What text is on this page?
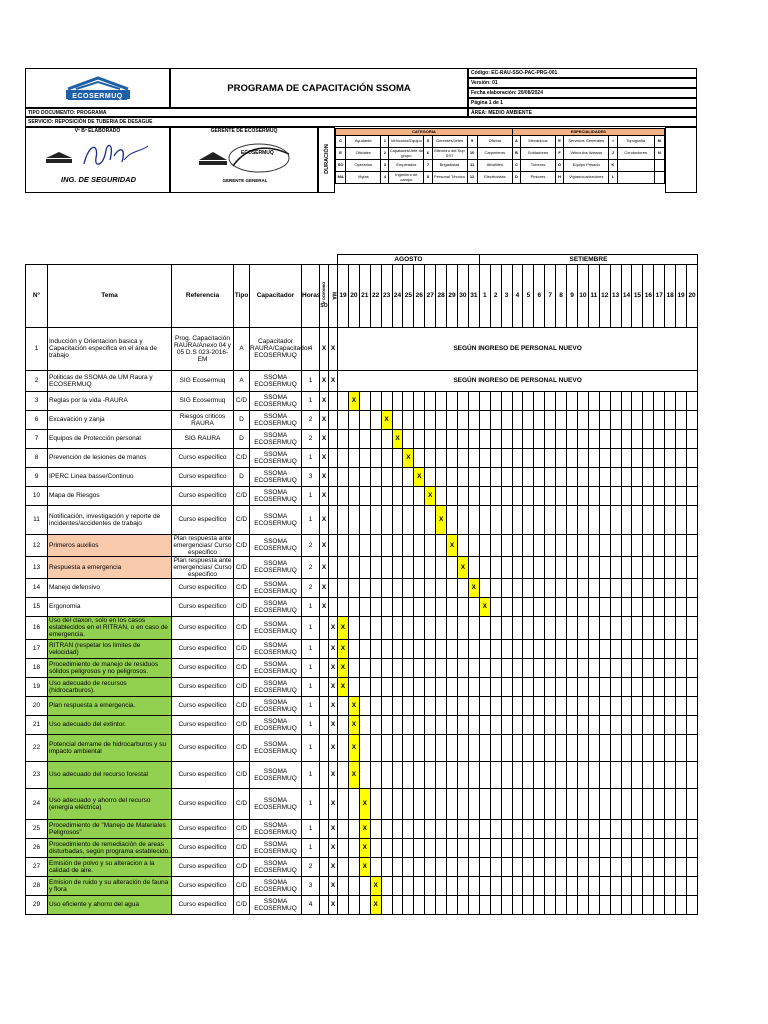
ECOSERMUQ
PROGRAMA DE CAPACITACIÓN SSOMA
Código: EC-RAU-SSO-PAC-PRG-001
Versión: 01
Fecha elaboración: 20/08/2024
Página 1 de 1
TIPO DOCUMENTO: PROGRAMA	ÁREA: MEDIO AMBIENTE
SERVICIO: REPOSICIÓN DE TUBERIA DE DESAGUE
Vº Bº ELABORADO
ING. DE SEGURIDAD
GERENTE DE ECOSERMUQ
ECOSERMUQ
GERENTE GENERAL
DURACIÓN
CATEGORIA								ESPECIALIDADES						
C	Ayudante	1	Vehículos/Equipo	5	Gerentes/Jefes	9	Oficina	A	Mecánicos	E	Servicios Generales	I	Topografía	M
E	Oficiales	2	Capataces/Jefe de grupo	6	Miembro del Sup SST	10	Carpinteros	B	Soldadores	F	Vehículos livianos	J	Conductores	N
SO	Operarios	3	Empleados	7	Brigadistas	11	Albañiles	C	Tuberos	G	Equipo Pesado	K		
MA	Vigías	4	Ingeniero de campo	8	Personal Técnico	12	Electricistas	D	Pintores	H	Vigías/cuadradores	L		
								AGOSTO													SETIEMBRE																			
N°	Tema	Referencia	Tipo	Capacitador	Horas	DIRIGIDO A
SO	MA	19	20	21	22	23	24	25	26	27	28	29	30	31	1	2	3	4	5	6	7	8	9	10	11	12	13	14	15	16	17	18	19	20
1	Inducción y Orientacion basica y Capacitación especifica en el área de trabajo	Prog. Capacitación RAURA/Anexo 04 y 05 D.S 023-2016-EM	A	Capacitador RAURA/Capacitador ECOSERMUQ	4	X	X	SEGÚN INGRESO DE PERSONAL NUEVO																																
2	Politicas de SSOMA de UM Raura y ECOSERMUQ	SIG Ecosermuq	A	SSOMA ECOSERMUQ	1	X	X	SEGÚN INGRESO DE PERSONAL NUEVO																																
3	Reglas por la vida -RAURA	SIG Ecosermuq	C/D	SSOMA ECOSERMUQ	1	X			X																															
6	Excavación y zanja	Riesgos criticos RAURA	D	SSOMA ECOSERMUQ	2	X						X																												
7	Equipos de Protección personal	SIG RAURA	D	SSOMA ECOSERMUQ	2	X							X																											
8	Prevención de lesiones de manos	Curso especifico	C/D	SSOMA ECOSERMUQ	1	X								X																										
9	IPERC Linea basse/Continuo	Curso especifico	D	SSOMA ECOSERMUQ	3	X									X																									
10	Mapa de Riesgos	Curso especifico	C/D	SSOMA ECOSERMUQ	1	X										X																								
11	Notificación, investigación y reporte de incidentes/accidentes de trabajo	Curso especifico	C/D	SSOMA ECOSERMUQ	1	X											X																							
12	Primeros auxilios	Plan respuesta ante emergencias/ Curso especifico	C/D	SSOMA ECOSERMUQ	2	X												X																						
13	Respuesta a emergencia	Plan respuesta ante emergencias/ Curso especifico	C/D	SSOMA ECOSERMUQ	2	X													X																					
14	Manejo defensivo	Curso especifico	C/D	SSOMA ECOSERMUQ	2	X														X																				
15	Ergonomia	Curso especifico	C/D	SSOMA ECOSERMUQ	1	X															X																			
16	Uso del claxon, solo en los casos establecidos en el RITRAN, o en caso de emergencia.	Curso especifico	C/D	SSOMA ECOSERMUQ	1		X	X																																
17	RITRAN (respetar los limites de velocidad)	Curso especifico	C/D	SSOMA ECOSERMUQ	1		X	X																																
18	Procedimiento de manejo de residuos sólidos peligrosos y no peligrosos.	Curso especifico	C/D	SSOMA ECOSERMUQ	1		X	X																																
19	Uso adecuado de recursos (hidrocarburos).	Curso especifico	C/D	SSOMA ECOSERMUQ	1		X	X																																
20	Plan respuesta a emergencia.	Curso especifico	C/D	SSOMA ECOSERMUQ	1		X		X																															
21	Uso adecuado del extintor.	Curso especifico	C/D	SSOMA ECOSERMUQ	1		X		X																															
22	Potencial derrame de hidrocarburos y su impacto ambiental	Curso especifico	C/D	SSOMA ECOSERMUQ	1		X		X																															
23	Uso adecuado del recurso forestal	Curso especifico	C/D	SSOMA ECOSERMUQ	1		X		X																															
24	Uso adecuado y ahorro del recurso (energía eléctrica)	Curso especifico	C/D	SSOMA ECOSERMUQ	1		X			X																														
25	Procedimiento de "Manejo de Materiales Peligrosos"	Curso especifico	C/D	SSOMA ECOSERMUQ	1		X			X																														
26	Procedimiento de remediación de areas disturbadas, según programa establecido.	Curso especifico	C/D	SSOMA ECOSERMUQ	1		X			X																														
27	Emisión de polvo y su alteracion a la calidad de aire.	Curso especifico	C/D	SSOMA ECOSERMUQ	2		X			X																														
28	Emision de ruido y su alteración de fauna y flora	Curso especifico	C/D	SSOMA ECOSERMUQ	3		X				X																													
29	Uso eficiente y ahorro del agua	Curso especifico	C/D	SSOMA ECOSERMUQ	4		X				X																													
